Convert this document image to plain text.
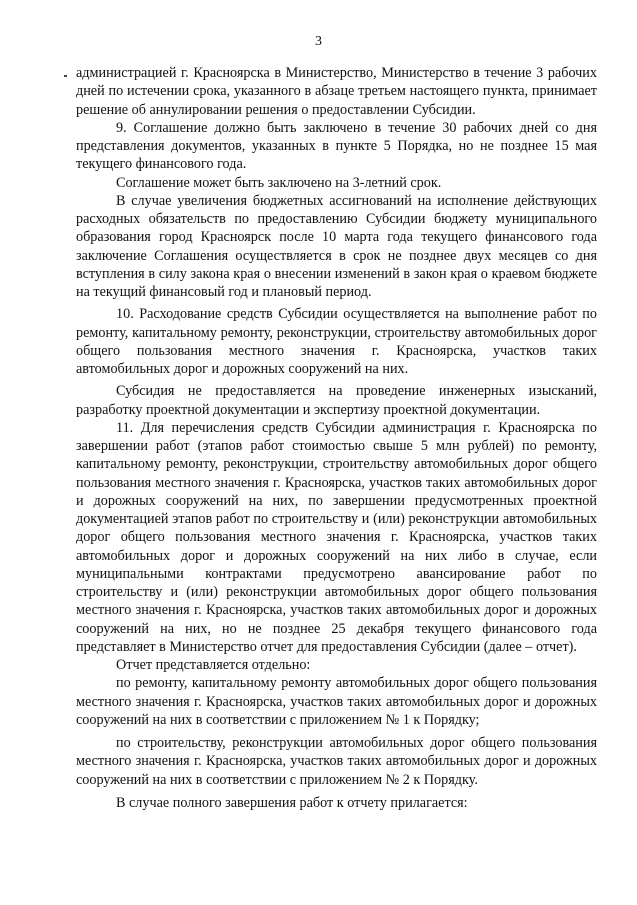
3

администрацией г. Красноярска в Министерство, Министерство в течение 3 рабочих дней по истечении срока, указанного в абзаце третьем настоящего пункта, принимает решение об аннулировании решения о предоставлении Субсидии.

9. Соглашение должно быть заключено в течение 30 рабочих дней со дня представления документов, указанных в пункте 5 Порядка, но не позднее 15 мая текущего финансового года.

Соглашение может быть заключено на 3-летний срок.

В случае увеличения бюджетных ассигнований на исполнение действующих расходных обязательств по предоставлению Субсидии бюджету муниципального образования город Красноярск после 10 марта года текущего финансового года заключение Соглашения осуществляется в срок не позднее двух месяцев со дня вступления в силу закона края о внесении изменений в закон края о краевом бюджете на текущий финансовый год и плановый период.

10. Расходование средств Субсидии осуществляется на выполнение работ по ремонту, капитальному ремонту, реконструкции, строительству автомобильных дорог общего пользования местного значения г. Красноярска, участков таких автомобильных дорог и дорожных сооружений на них.

Субсидия не предоставляется на проведение инженерных изысканий, разработку проектной документации и экспертизу проектной документации.

11. Для перечисления средств Субсидии администрация г. Красноярска по завершении работ (этапов работ стоимостью свыше 5 млн рублей) по ремонту, капитальному ремонту, реконструкции, строительству автомобильных дорог общего пользования местного значения г. Красноярска, участков таких автомобильных дорог и дорожных сооружений на них, по завершении предусмотренных проектной документацией этапов работ по строительству и (или) реконструкции автомобильных дорог общего пользования местного значения г. Красноярска, участков таких автомобильных дорог и дорожных сооружений на них либо в случае, если муниципальными контрактами предусмотрено авансирование работ по строительству и (или) реконструкции автомобильных дорог общего пользования местного значения г. Красноярска, участков таких автомобильных дорог и дорожных сооружений на них, но не позднее 25 декабря текущего финансового года представляет в Министерство отчет для предоставления Субсидии (далее – отчет).

Отчет представляется отдельно:

по ремонту, капитальному ремонту автомобильных дорог общего пользования местного значения г. Красноярска, участков таких автомобильных дорог и дорожных сооружений на них в соответствии с приложением № 1 к Порядку;

по строительству, реконструкции автомобильных дорог общего пользования местного значения г. Красноярска, участков таких автомобильных дорог и дорожных сооружений на них в соответствии с приложением № 2 к Порядку.

В случае полного завершения работ к отчету прилагается:
